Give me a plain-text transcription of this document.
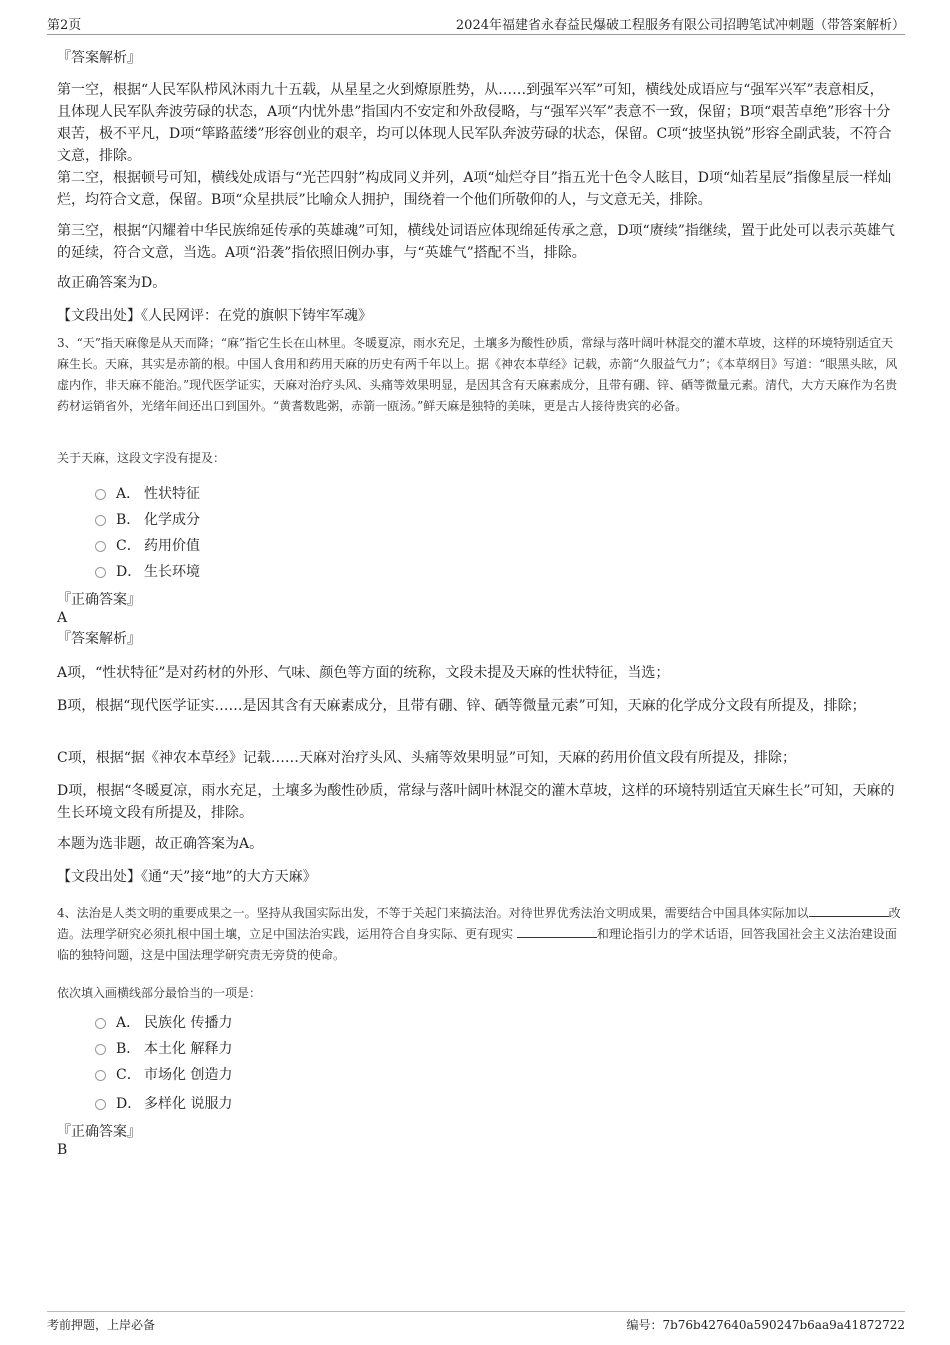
第2页	2024年福建省永春益民爆破工程服务有限公司招聘笔试冲刺题（带答案解析）

『答案解析』

第一空，根据“人民军队栉风沐雨九十五载，从星星之火到燎原胜势，从……到强军兴军”可知，横线处成语应与“强军兴军”表意相反，且体现人民军队奔波劳碌的状态，A项“内忧外患”指国内不安定和外敌侵略，与“强军兴军”表意不一致，保留；B项“艰苦卓绝”形容十分艰苦，极不平凡，D项“筚路蓝缕”形容创业的艰辛，均可以体现人民军队奔波劳碌的状态，保留。C项“披坚执锐”形容全副武装，不符合文意，排除。

第二空，根据顿号可知，横线处成语与“光芒四射”构成同义并列，A项“灿烂夺目”指五光十色令人眩目，D项“灿若星辰”指像星辰一样灿烂，均符合文意，保留。B项“众星拱辰”比喻众人拥护，围绕着一个他们所敬仰的人，与文意无关，排除。

第三空，根据“闪耀着中华民族绵延传承的英雄魂”可知，横线处词语应体现绵延传承之意，D项“赓续”指继续，置于此处可以表示英雄气的延续，符合文意，当选。A项“沿袭”指依照旧例办事，与“英雄气”搭配不当，排除。

故正确答案为D。

【文段出处】《人民网评：在党的旗帜下铸牢军魂》

3、“天”指天麻像是从天而降；“麻”指它生长在山林里。冬暖夏凉，雨水充足，土壤多为酸性砂质，常绿与落叶阔叶林混交的灌木草坡，这样的环境特别适宜天麻生长。天麻，其实是赤箭的根。中国人食用和药用天麻的历史有两千年以上。据《神农本草经》记载，赤箭“久服益气力”；《本草纲目》写道：“眼黑头眩，风虚内作，非天麻不能治。”现代医学证实，天麻对治疗头风、头痛等效果明显，是因其含有天麻素成分，且带有硼、锌、硒等微量元素。清代，大方天麻作为名贵药材运销省外，光绪年间还出口到国外。“黄耆数匙粥，赤箭一瓯汤。”鲜天麻是独特的美味，更是古人接待贵宾的必备。

关于天麻，这段文字没有提及：

A． 性状特征
B． 化学成分
C． 药用价值
D． 生长环境

『正确答案』

A

『答案解析』

A项，“性状特征”是对药材的外形、气味、颜色等方面的统称，文段未提及天麻的性状特征，当选；

B项，根据“现代医学证实……是因其含有天麻素成分，且带有硼、锌、硒等微量元素”可知，天麻的化学成分文段有所提及，排除；

C项，根据“据《神农本草经》记载……天麻对治疗头风、头痛等效果明显”可知，天麻的药用价值文段有所提及，排除；

D项，根据“冬暖夏凉，雨水充足，土壤多为酸性砂质，常绿与落叶阔叶林混交的灌木草坡，这样的环境特别适宜天麻生长”可知，天麻的生长环境文段有所提及，排除。

本题为选非题，故正确答案为A。

【文段出处】《通“天”接“地”的大方天麻》

4、法治是人类文明的重要成果之一。坚持从我国实际出发，不等于关起门来搞法治。对待世界优秀法治文明成果，需要结合中国具体实际加以	改造。法理学研究必须扎根中国土壤，立足中国法治实践，运用符合自身实际、更有现实	和理论指引力的学术话语，回答我国社会主义法治建设面临的独特问题，这是中国法理学研究责无旁贷的使命。

依次填入画横线部分最恰当的一项是：

A． 民族化 传播力
B． 本土化 解释力
C． 市场化 创造力
D． 多样化 说服力

『正确答案』

B

考前押题，上岸必备	编号：7b76b427640a590247b6aa9a41872722
